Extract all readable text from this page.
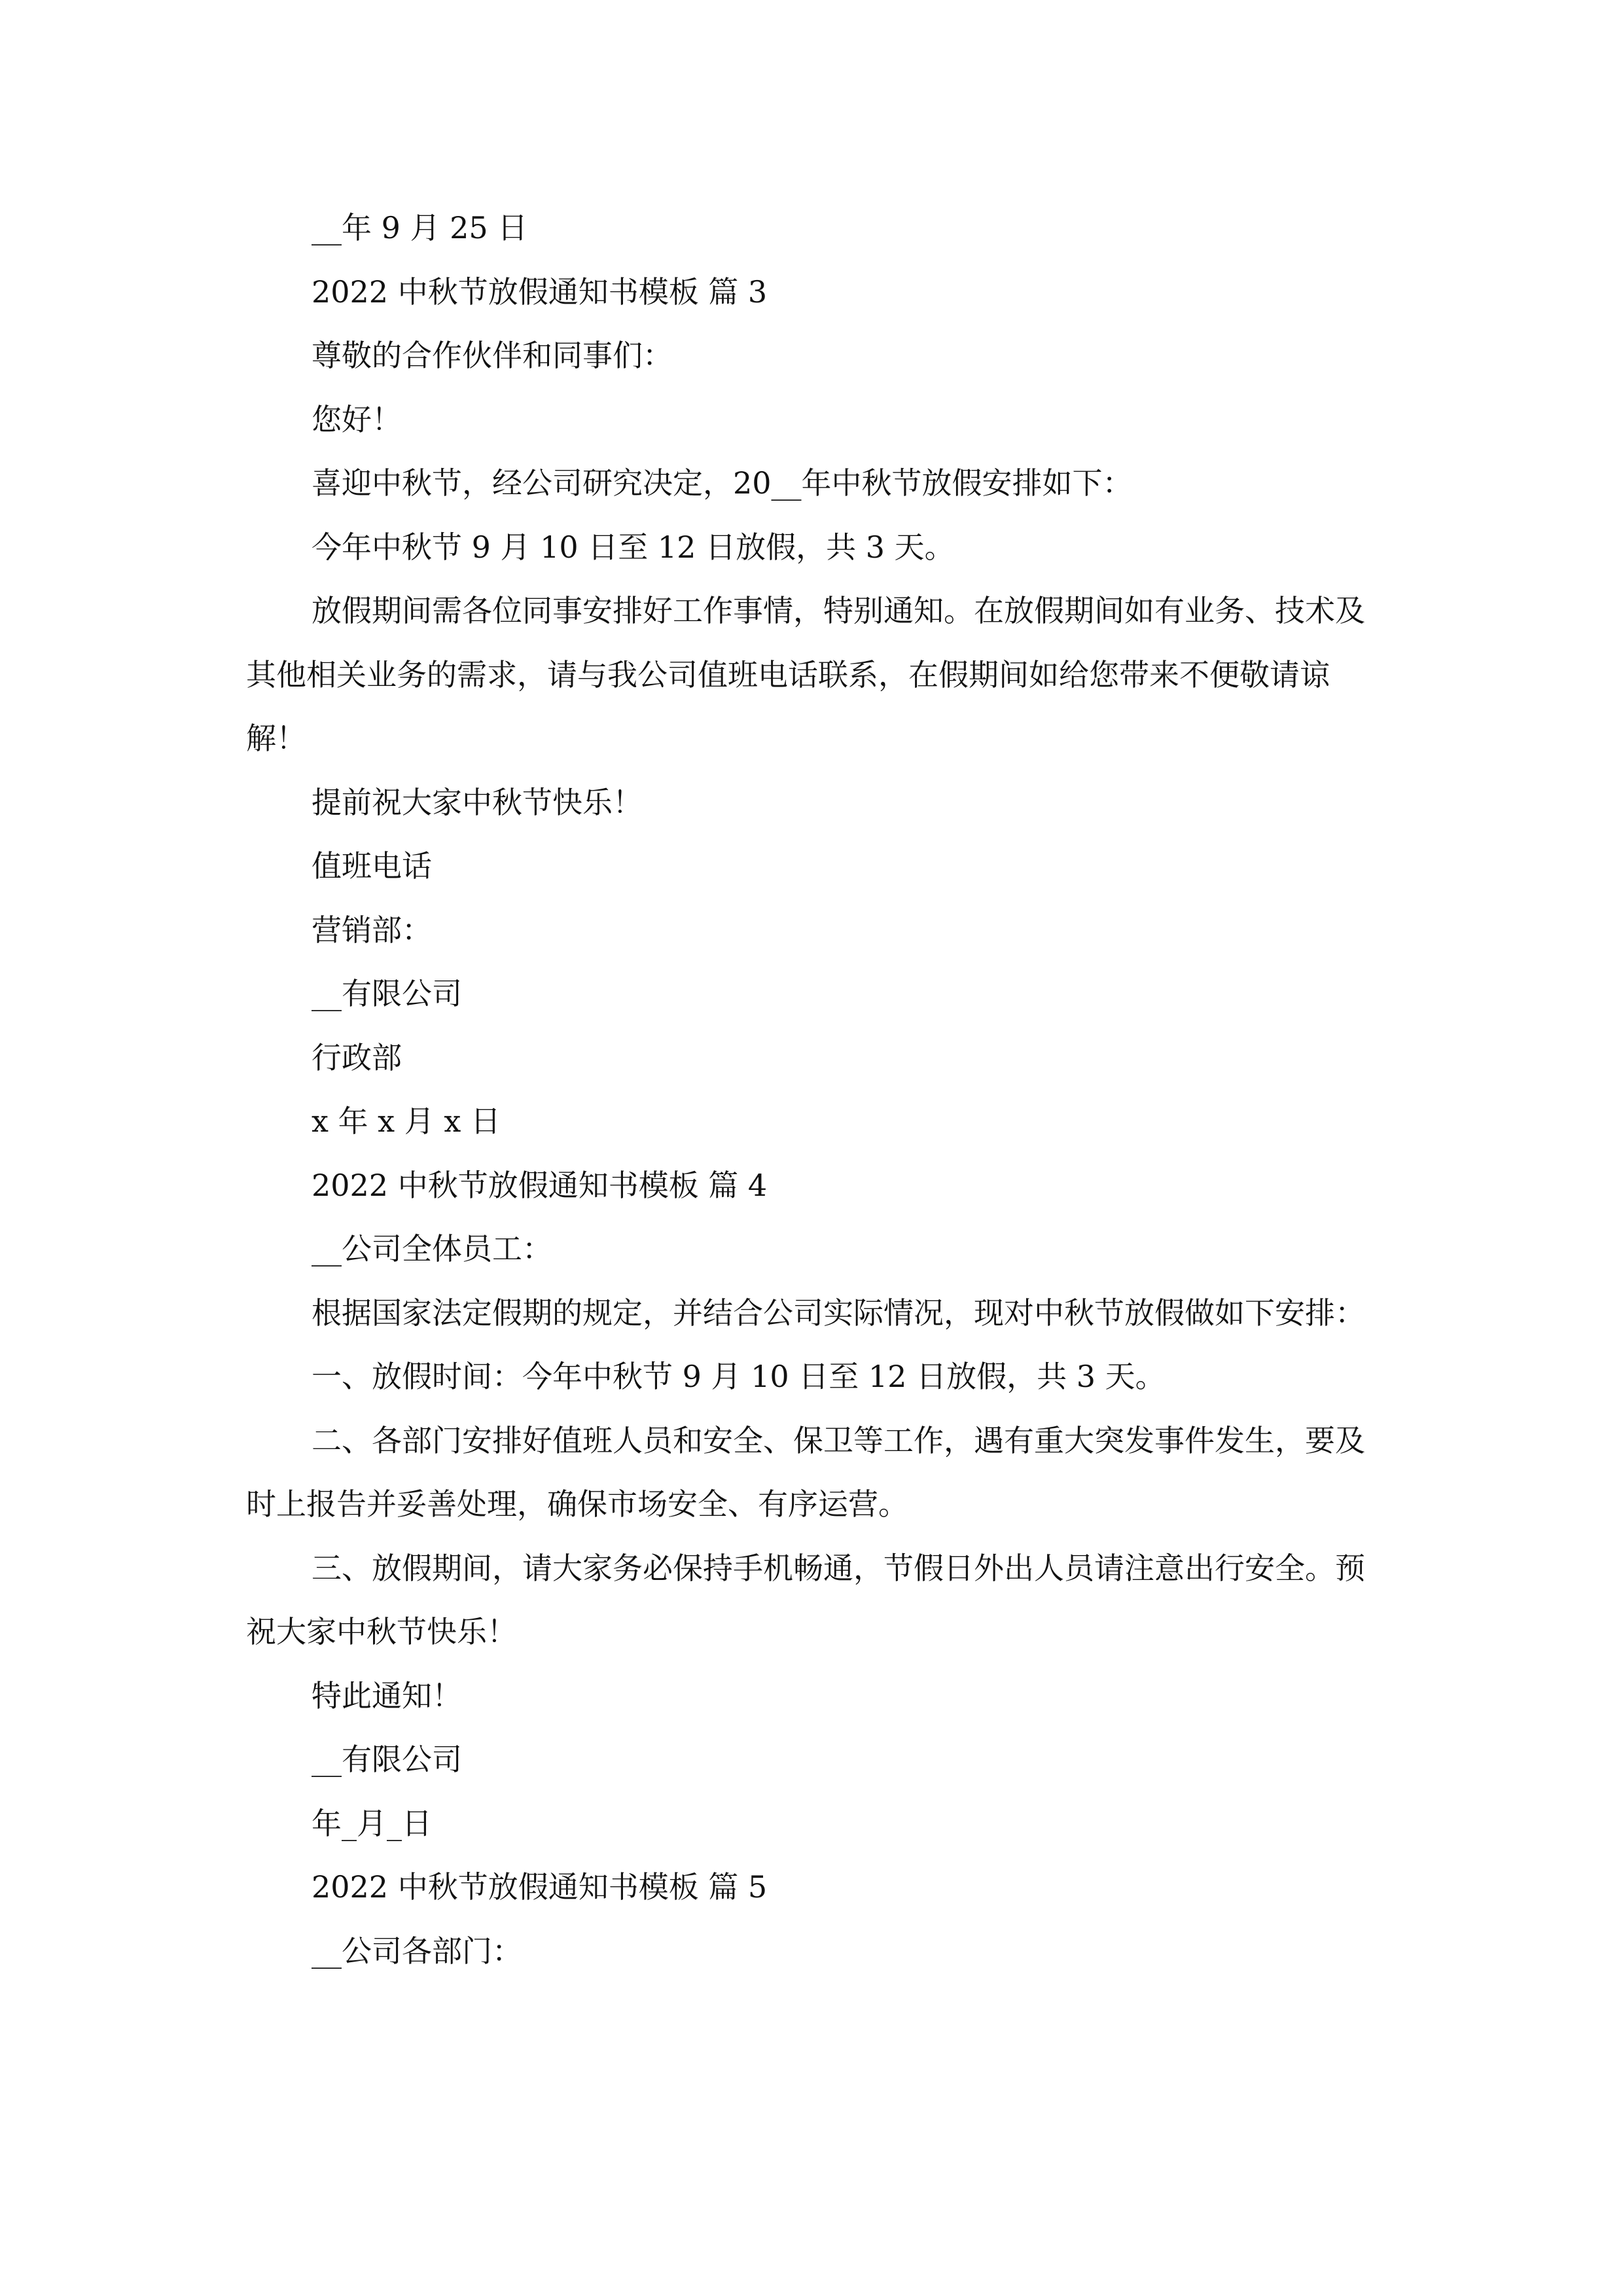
__年 9 月 25 日

2022 中秋节放假通知书模板 篇 3

尊敬的合作伙伴和同事们：

您好！

喜迎中秋节，经公司研究决定，20__年中秋节放假安排如下：

今年中秋节 9 月 10 日至 12 日放假，共 3 天。

放假期间需各位同事安排好工作事情，特别通知。在放假期间如有业务、技术及其他相关业务的需求，请与我公司值班电话联系，在假期间如给您带来不便敬请谅解！

提前祝大家中秋节快乐！

值班电话

营销部：

__有限公司

行政部

x 年 x 月 x 日

2022 中秋节放假通知书模板 篇 4

__公司全体员工：

根据国家法定假期的规定，并结合公司实际情况，现对中秋节放假做如下安排：

一、放假时间：今年中秋节 9 月 10 日至 12 日放假，共 3 天。

二、各部门安排好值班人员和安全、保卫等工作，遇有重大突发事件发生，要及时上报告并妥善处理，确保市场安全、有序运营。

三、放假期间，请大家务必保持手机畅通，节假日外出人员请注意出行安全。预祝大家中秋节快乐！

特此通知！

__有限公司

年_月_日

2022 中秋节放假通知书模板 篇 5

__公司各部门：
